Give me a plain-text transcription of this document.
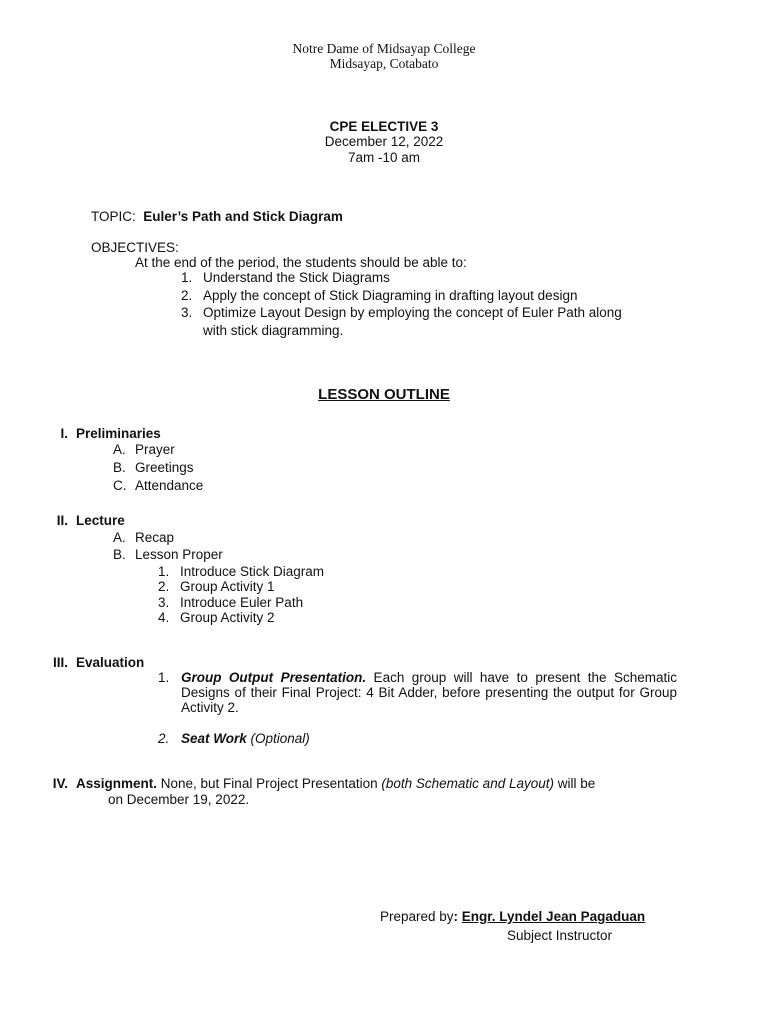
Notre Dame of Midsayap College
Midsayap, Cotabato
CPE ELECTIVE 3
December 12, 2022
7am -10 am
TOPIC: Euler’s Path and Stick Diagram
OBJECTIVES:
At the end of the period, the students should be able to:
1. Understand the Stick Diagrams
2. Apply the concept of Stick Diagraming in drafting layout design
3. Optimize Layout Design by employing the concept of Euler Path along
with stick diagramming.
LESSON OUTLINE
I. Preliminaries
A. Prayer
B. Greetings
C. Attendance
II. Lecture
A. Recap
B. Lesson Proper
1. Introduce Stick Diagram
2. Group Activity 1
3. Introduce Euler Path
4. Group Activity 2
III. Evaluation
1. Group Output Presentation. Each group will have to present the Schematic Designs of their Final Project: 4 Bit Adder, before presenting the output for Group Activity 2.
2. Seat Work (Optional)
IV. Assignment. None, but Final Project Presentation (both Schematic and Layout) will be
on December 19, 2022.
Prepared by: Engr. Lyndel Jean Pagaduan
Subject Instructor
